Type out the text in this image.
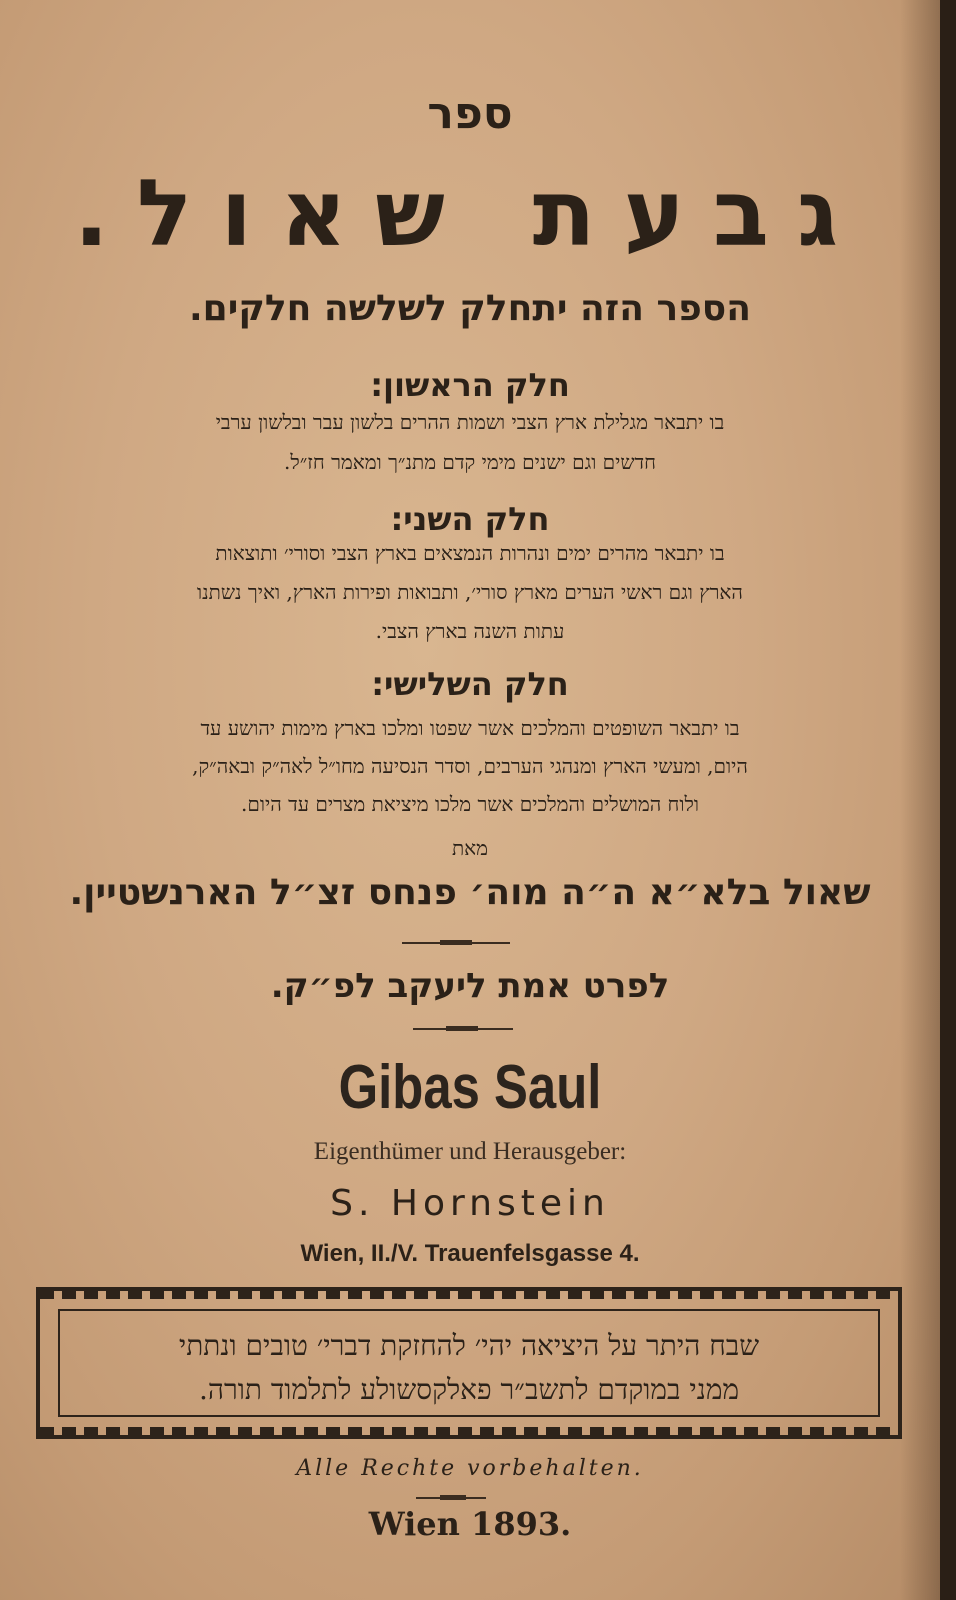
ספר
גבעת שאול.
הספר הזה יתחלק לשלשה חלקים.
חלק הראשון:
בו יתבאר מגלילת ארץ הצבי ושמות ההרים בלשון עבר ובלשון ערבי
חדשים וגם ישנים מימי קדם מתנ״ך ומאמר חז״ל.
חלק השני:
בו יתבאר מהרים ימים ונהרות הנמצאים בארץ הצבי וסורי׳ ותוצאות
הארץ וגם ראשי הערים מארץ סורי׳, ותבואות ופירות הארץ, ואיך נשתנו
עתות השנה בארץ הצבי.
חלק השלישי:
בו יתבאר השופטים והמלכים אשר שפטו ומלכו בארץ מימות יהושע עד
היום, ומעשי הארץ ומנהגי הערבים, וסדר הנסיעה מחו״ל לאה״ק ובאה״ק,
ולוח המושלים והמלכים אשר מלכו מיציאת מצרים עד היום.
מאת
שאול בלא״א ה״ה מוה׳ פנחס זצ״ל הארנשטיין.
לפרט אמת ליעקב לפ״ק.
Gibas Saul
Eigenthümer und Herausgeber:
S. Hornstein
Wien, II./V. Trauenfelsgasse 4.
שבח היתר על היציאה יהי׳ להחזקת דברי׳ טובים ונתתי
ממני במוקדם לתשב״ר פאלקסשולע לתלמוד תורה.
Alle Rechte vorbehalten.
Wien 1893.
